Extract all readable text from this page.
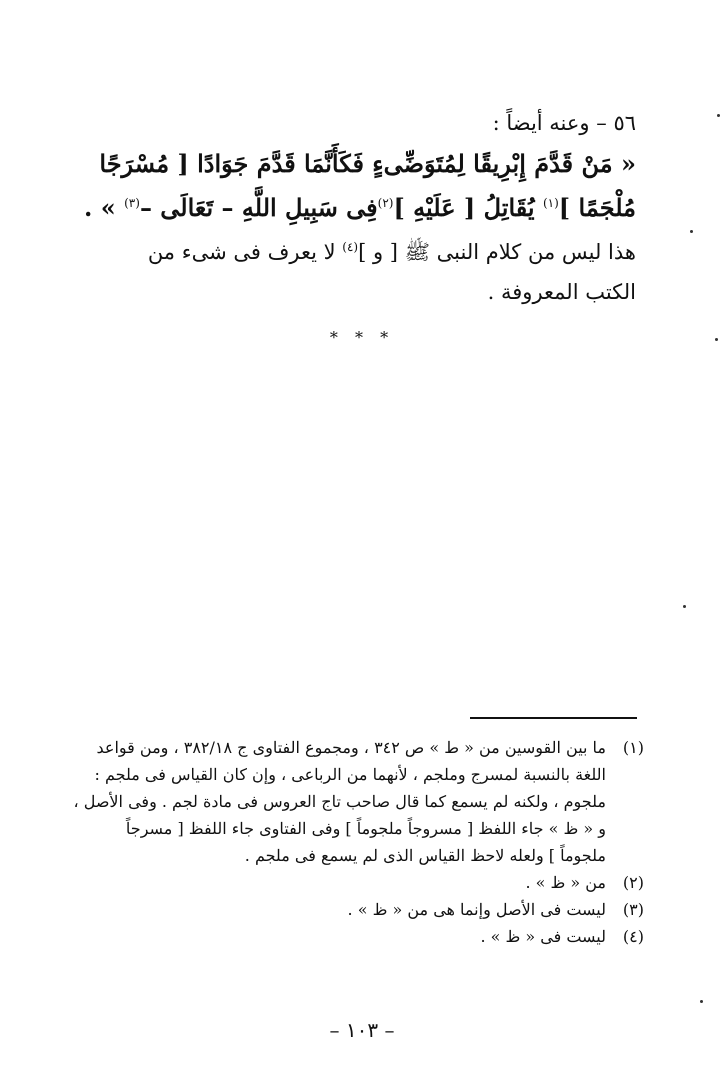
٥٦ – وعنه أيضاً :
« مَنْ قَدَّمَ إِبْرِيقًا لِمُتَوَضِّىءٍ فَكَأَنَّمَا قَدَّمَ جَوَادًا [ مُسْرَجًا
مُلْجَمًا ]$^{(١)}$ يُقَاتِلُ [ عَلَيْهِ ]$^{(٢)}$فِى سَبِيلِ اللَّهِ – تَعَالَى –$^{(٣)}$ » .
هذا ليس من كلام النبى ﷺ [ و ]$^{(٤)}$ لا يعرف فى شىء من
الكتب المعروفة .
* * *
(١)
ما بين القوسين من « ط » ص ٣٤٢ ، ومجموع الفتاوى ج ٣٨٢/١٨ ، ومن قواعد
اللغة بالنسبة لمسرج وملجم ، لأنهما من الرباعى ، وإن كان القياس فى ملجم :
ملجوم ، ولكنه لم يسمع كما قال صاحب تاج العروس فى مادة لجم . وفى الأصل ،
و « ظ » جاء اللفظ [ مسروجاً ملجوماً ] وفى الفتاوى جاء اللفظ [ مسرجاً
ملجوماً ] ولعله لاحظ القياس الذى لم يسمع فى ملجم .
(٢)
من « ظ » .
(٣)
ليست فى الأصل وإنما هى من « ظ » .
(٤)
ليست فى « ظ » .
– ١٠٣ –
